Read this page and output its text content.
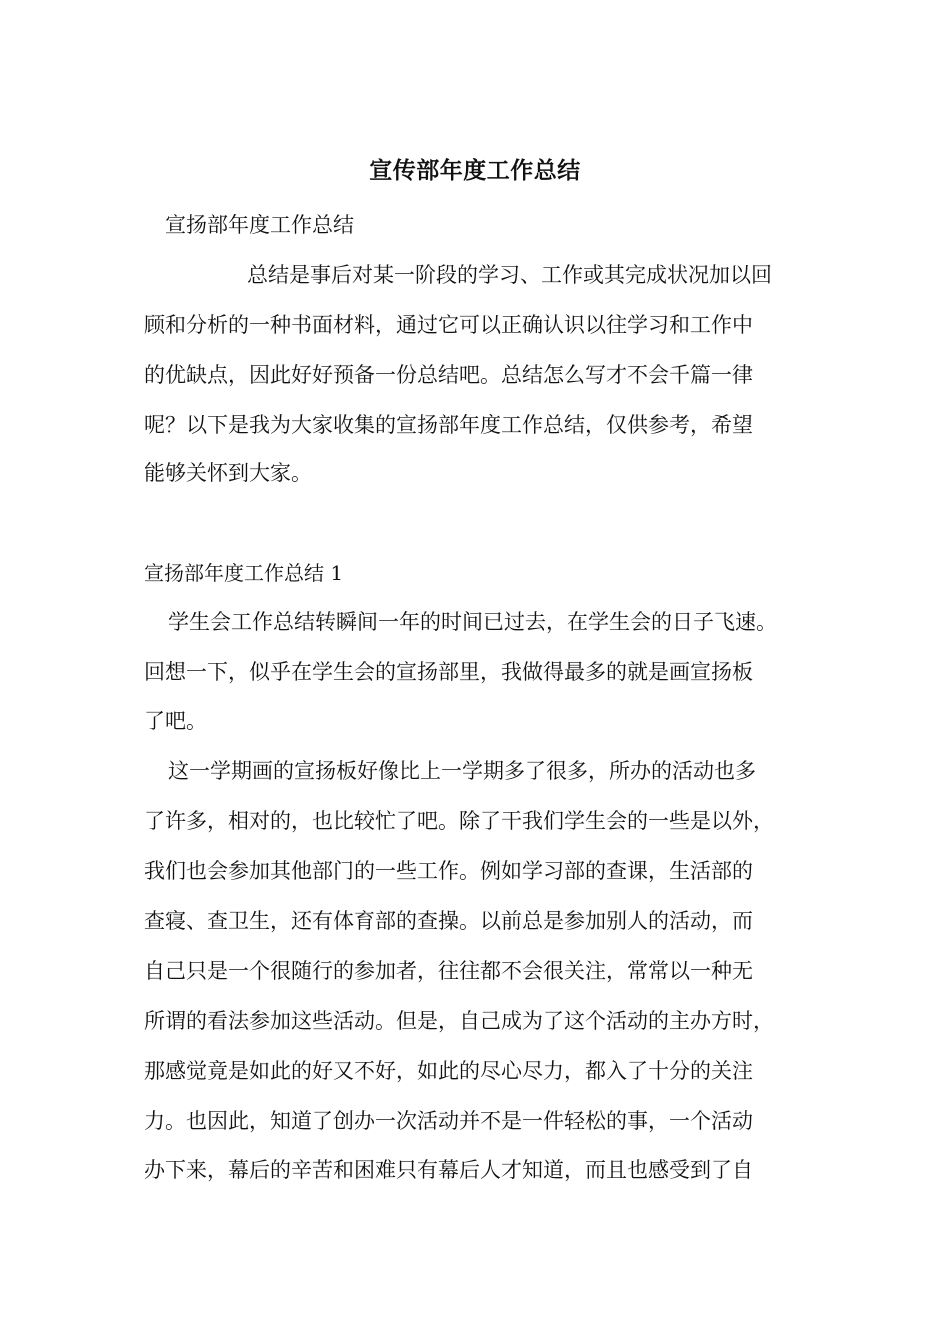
宣传部年度工作总结
宣扬部年度工作总结
总结是事后对某一阶段的学习、工作或其完成状况加以回
顾和分析的一种书面材料，通过它可以正确认识以往学习和工作中
的优缺点，因此好好预备一份总结吧。总结怎么写才不会千篇一律
呢？以下是我为大家收集的宣扬部年度工作总结，仅供参考，希望
能够关怀到大家。
宣扬部年度工作总结 1
学生会工作总结转瞬间一年的时间已过去，在学生会的日子飞速。
回想一下，似乎在学生会的宣扬部里，我做得最多的就是画宣扬板
了吧。
这一学期画的宣扬板好像比上一学期多了很多，所办的活动也多
了许多，相对的，也比较忙了吧。除了干我们学生会的一些是以外，
我们也会参加其他部门的一些工作。例如学习部的查课，生活部的
查寝、查卫生，还有体育部的查操。以前总是参加别人的活动，而
自己只是一个很随行的参加者，往往都不会很关注，常常以一种无
所谓的看法参加这些活动。但是，自己成为了这个活动的主办方时，
那感觉竟是如此的好又不好，如此的尽心尽力，都入了十分的关注
力。也因此，知道了创办一次活动并不是一件轻松的事，一个活动
办下来，幕后的辛苦和困难只有幕后人才知道，而且也感受到了自
